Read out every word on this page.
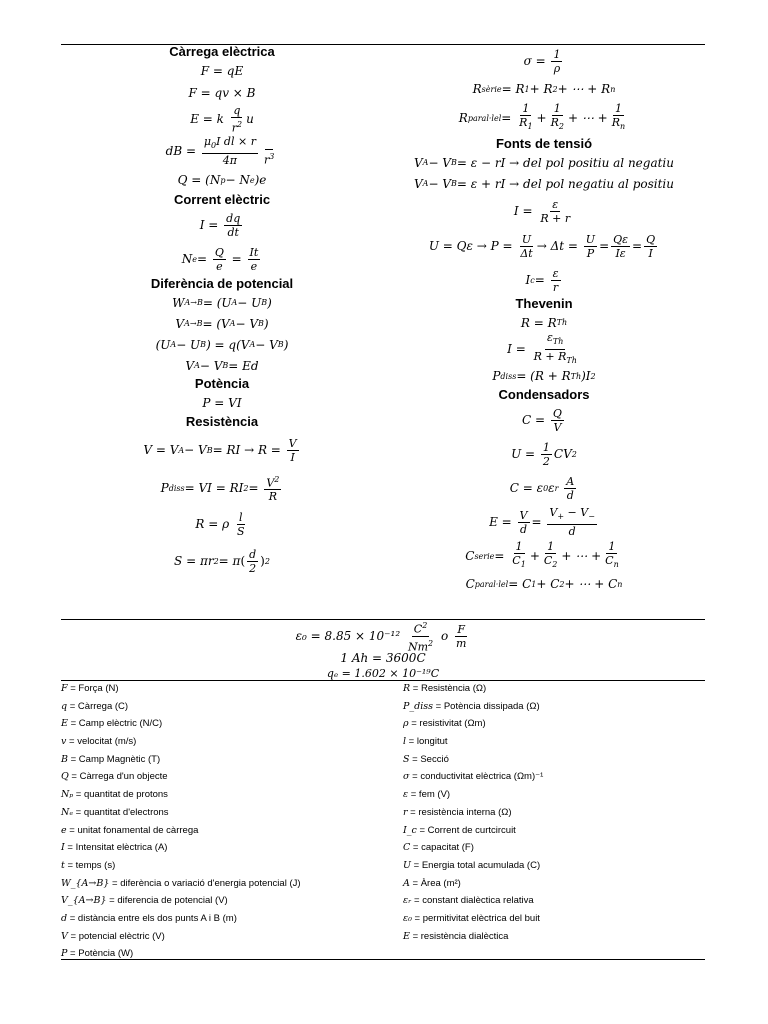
Càrrega elèctrica
F = qE
F = qv × B
E = k $\frac{q}{r^2}$ u
dB = $\frac{\mu_0I dl \times r}{4\pi}$
$r^3$
Q = (N p − N e )e
Corrent elèctric
$I = \frac{dq}{dt}$
N $e = \frac{Q}{e} = \frac{It}{e}$
Diferència de potencial
W A→B = (U A − U B )
V A→B = (V A − V B )
(U A − U B ) = q(V A − V B )
V A − V B = Ed
Potència
P = VI
Resistència
V = V A − V B = RI → $R = \frac{V}{I}$
P diss = VI = RI $2 = \frac{V^2}{R}$
R = ρ $\frac{l}{S}$
S = πr 2 = π ( $\frac{d}{2}$ ) 2
$\sigma = \frac{1}{\rho}$
R sèrie = R 1 + R 2 + ⋯ + R n
R paral·lel = $\frac{1}{R_1} + \frac{1}{R_2}$ + ⋯ + $\frac{1}{R_n}$
Fonts de tensió
V A − V B = ε − rI → del pol positiu al negatiu
V A − V B = ε + rI → del pol negatiu al positiu
$I = \frac{\varepsilon}{R + r}$
$U = Q\varepsilon \to P = \frac{U}{\Delta t} \to \Delta t = \frac{U}{P} = \frac{Q\varepsilon}{I\varepsilon} = \frac{Q}{I}$
I $c = \frac{\varepsilon}{r}$
Thevenin
R = R Th
$I = \frac{\varepsilon_{Th}}{R + R_{Th}}$
P diss = (R + R Th )I 2
Condensadors
$C = \frac{Q}{V}$
$U = \frac{1}{2}$ CV 2
C = ε 0 ε r
$\frac{A}{d}$
$E = \frac{V}{d} = \frac{V_+ - V_-}{d}$
C serie = $\frac{1}{C_1} + \frac{1}{C_2}$ + ⋯ + $\frac{1}{C_n}$
C paral·lel = C 1 + C 2 + ⋯ + C n
ε₀ = 8.85 × 10⁻¹²
$\frac{C^2}{Nm^2}$ o $\frac{F}{m}$
1 Ah = 3600C
qₑ = 1.602 × 10⁻¹⁹C
F = Força (N)
q = Càrrega (C)
E = Camp elèctric (N/C)
v = velocitat (m/s)
B = Camp Magnètic (T)
Q = Càrrega d'un objecte
Nₚ = quantitat de protons
Nₑ = quantitat d'electrons
e = unitat fonamental de càrrega
I = Intensitat elèctrica (A)
t = temps (s)
W_{A→B} = diferència o variació d'energia potencial (J)
V_{A→B} = diferencia de potencial (V)
d = distància entre els dos punts A i B (m)
V = potencial elèctric (V)
P = Potència (W)
R = Resistència (Ω)
P_diss = Potència dissipada (Ω)
ρ = resistivitat (Ωm)
l = longitut
S = Secció
σ = conductivitat elèctrica (Ωm)⁻¹
ε = fem (V)
r = resistència interna (Ω)
I_c = Corrent de curtcircuit
C = capacitat (F)
U = Energia total acumulada (C)
A = Àrea (m²)
εᵣ = constant dialèctica relativa
ε₀ = permitivitat elèctrica del buit
E = resistència dialèctica
